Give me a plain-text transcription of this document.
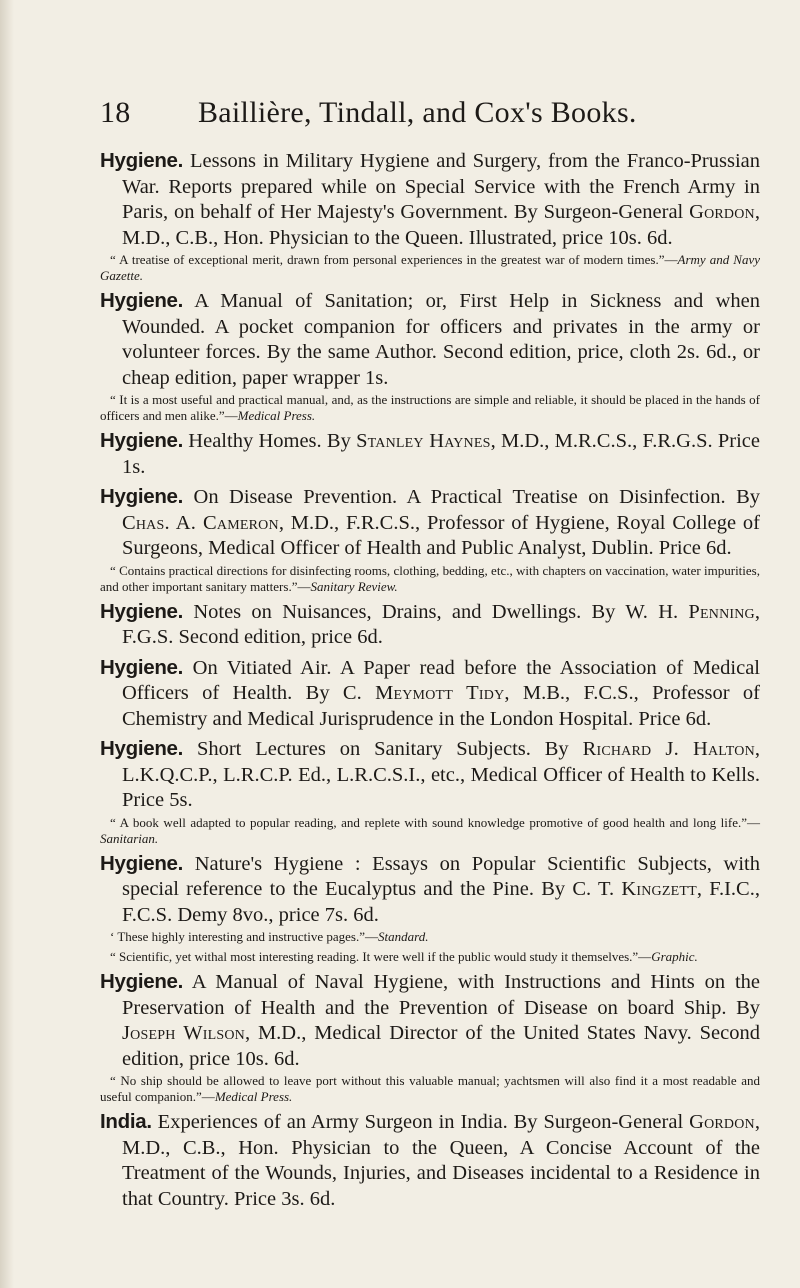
18 Baillière, Tindall, and Cox's Books.

Hygiene. Lessons in Military Hygiene and Surgery, from the Franco-Prussian War. Reports prepared while on Special Service with the French Army in Paris, on behalf of Her Majesty's Government. By Surgeon-General Gordon, M.D., C.B., Hon. Physician to the Queen. Illustrated, price 10s. 6d.

“ A treatise of exceptional merit, drawn from personal experiences in the greatest war of modern times.”—Army and Navy Gazette.

Hygiene. A Manual of Sanitation; or, First Help in Sickness and when Wounded. A pocket companion for officers and privates in the army or volunteer forces. By the same Author. Second edition, price, cloth 2s. 6d., or cheap edition, paper wrapper 1s.

“ It is a most useful and practical manual, and, as the instructions are simple and reliable, it should be placed in the hands of officers and men alike.”—Medical Press.

Hygiene. Healthy Homes. By Stanley Haynes, M.D., M.R.C.S., F.R.G.S. Price 1s.

Hygiene. On Disease Prevention. A Practical Treatise on Disinfection. By Chas. A. Cameron, M.D., F.R.C.S., Professor of Hygiene, Royal College of Surgeons, Medical Officer of Health and Public Analyst, Dublin. Price 6d.

“ Contains practical directions for disinfecting rooms, clothing, bedding, etc., with chapters on vaccination, water impurities, and other important sanitary matters.”—Sanitary Review.

Hygiene. Notes on Nuisances, Drains, and Dwellings. By W. H. Penning, F.G.S. Second edition, price 6d.

Hygiene. On Vitiated Air. A Paper read before the Association of Medical Officers of Health. By C. Meymott Tidy, M.B., F.C.S., Professor of Chemistry and Medical Jurisprudence in the London Hospital. Price 6d.

Hygiene. Short Lectures on Sanitary Subjects. By Richard J. Halton, L.K.Q.C.P., L.R.C.P. Ed., L.R.C.S.I., etc., Medical Officer of Health to Kells. Price 5s.

“ A book well adapted to popular reading, and replete with sound knowledge promotive of good health and long life.”—Sanitarian.

Hygiene. Nature's Hygiene : Essays on Popular Scientific Subjects, with special reference to the Eucalyptus and the Pine. By C. T. Kingzett, F.I.C., F.C.S. Demy 8vo., price 7s. 6d.

‘ These highly interesting and instructive pages.”—Standard.

“ Scientific, yet withal most interesting reading. It were well if the public would study it themselves.”—Graphic.

Hygiene. A Manual of Naval Hygiene, with Instructions and Hints on the Preservation of Health and the Prevention of Disease on board Ship. By Joseph Wilson, M.D., Medical Director of the United States Navy. Second edition, price 10s. 6d.

“ No ship should be allowed to leave port without this valuable manual; yachtsmen will also find it a most readable and useful companion.”—Medical Press.

India. Experiences of an Army Surgeon in India. By Surgeon-General Gordon, M.D., C.B., Hon. Physician to the Queen, A Concise Account of the Treatment of the Wounds, Injuries, and Diseases incidental to a Residence in that Country. Price 3s. 6d.
